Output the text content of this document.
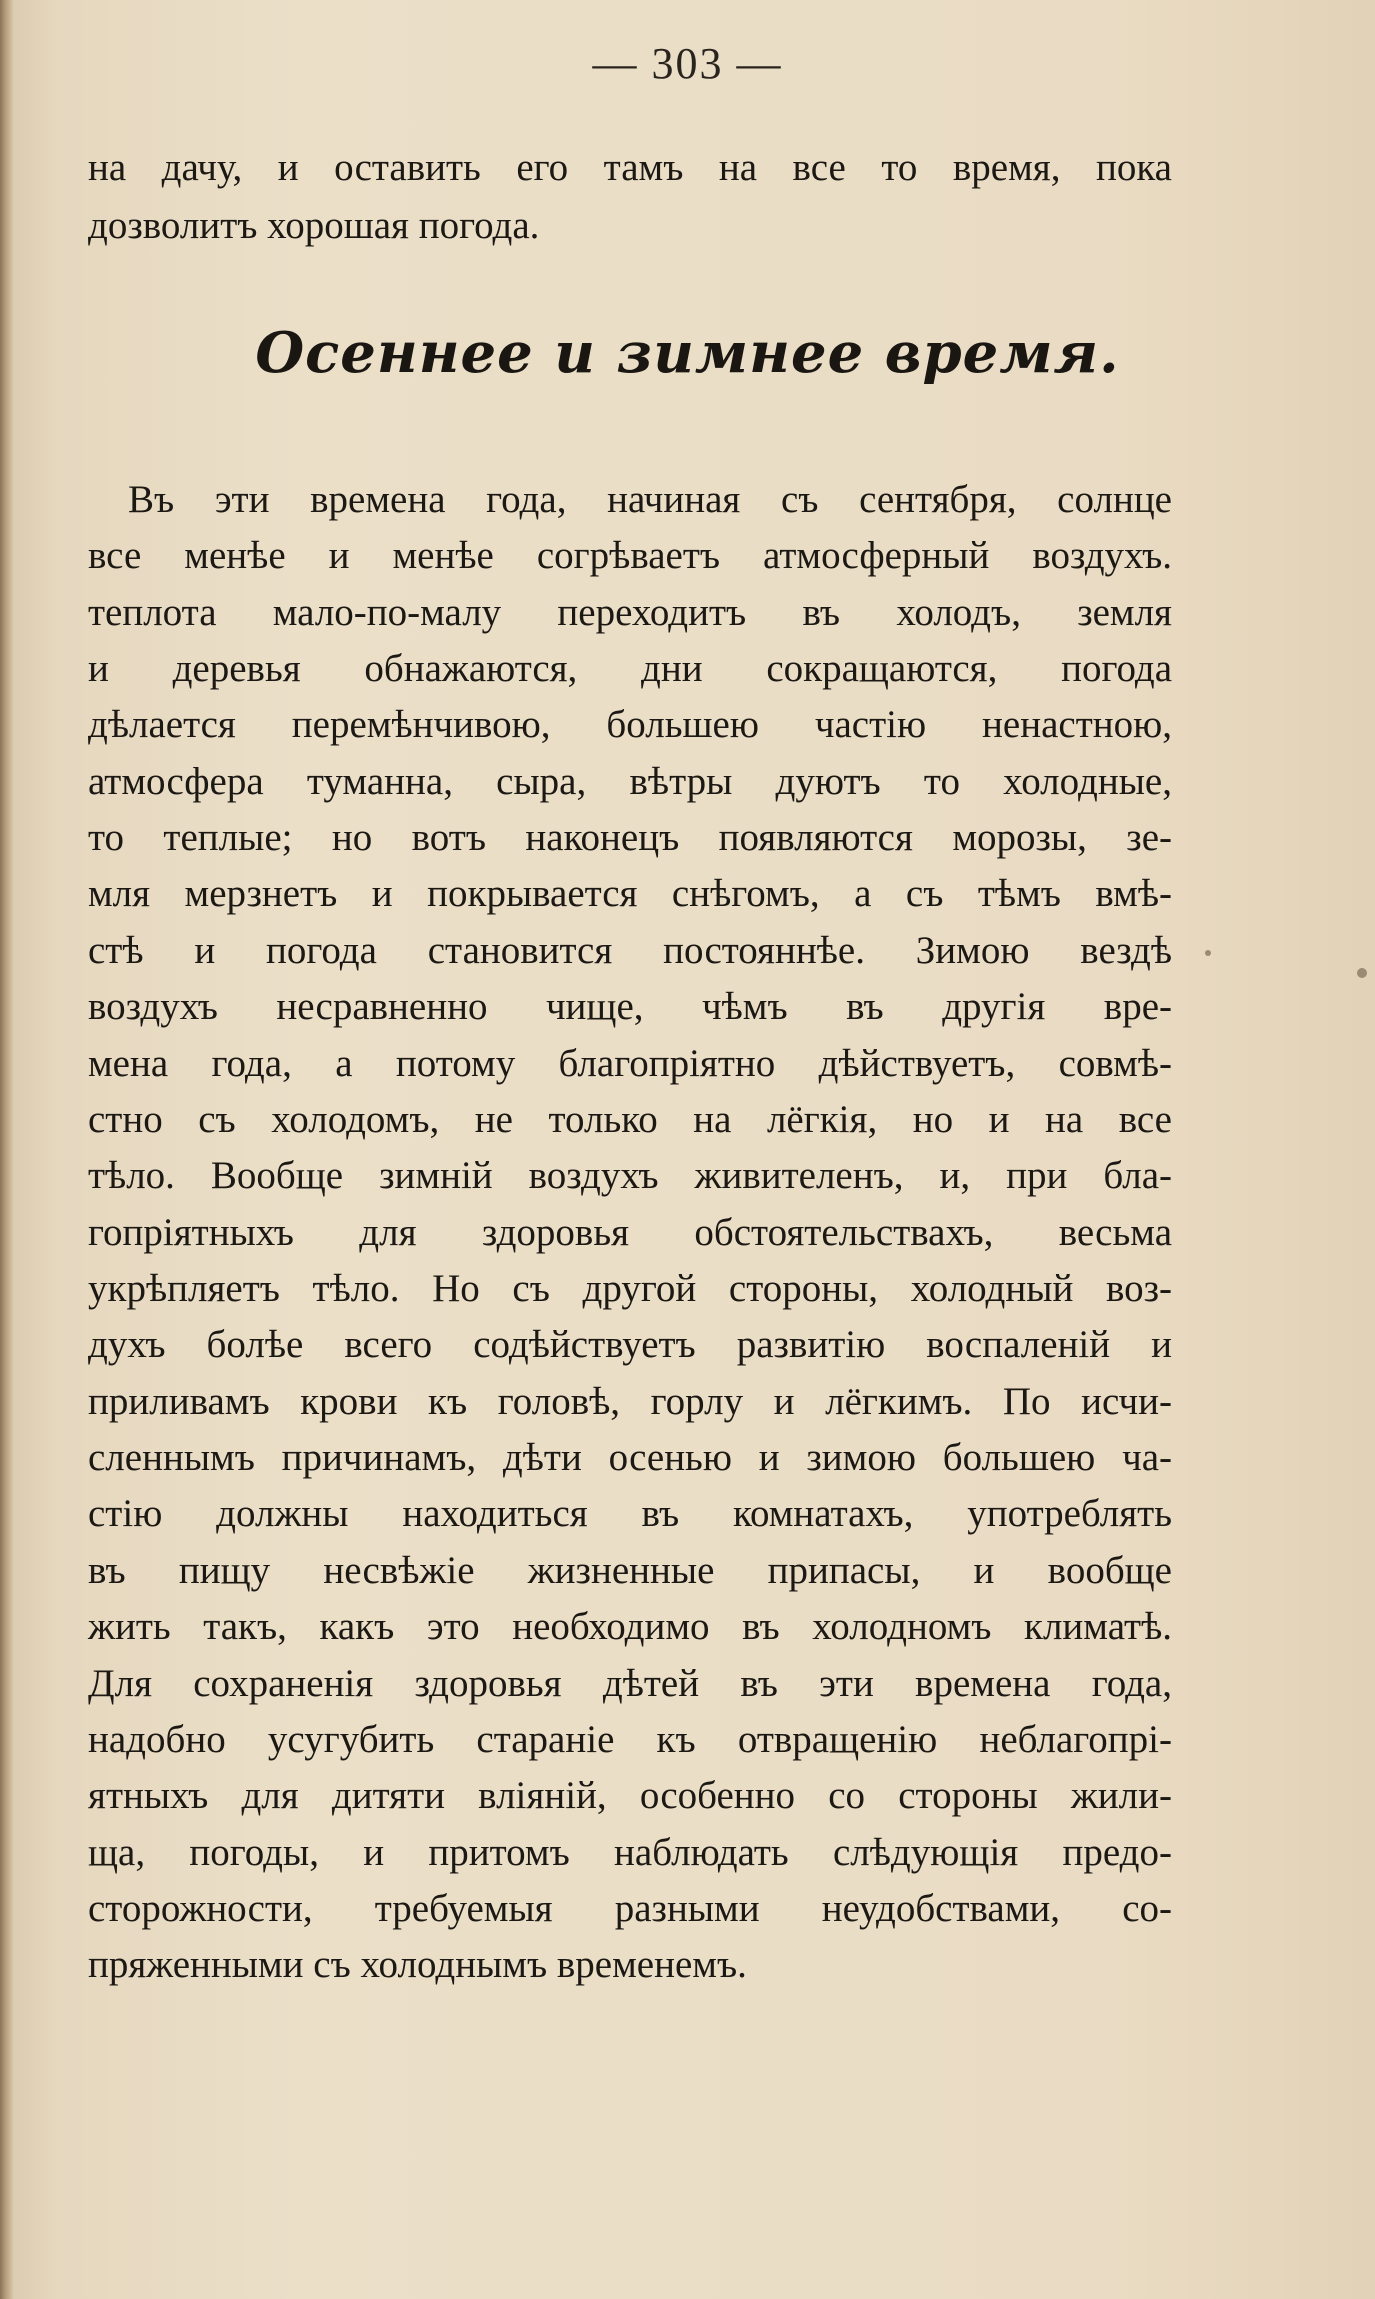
— 303 —
на дачу, и оставить его тамъ на все то время, пока
дозволитъ хорошая погода.
Осеннее и зимнее время.
Въ эти времена года, начиная съ сентября, солнце
все менѣе и менѣе согрѣваетъ атмосферный воздухъ.
теплота мало-по-малу переходитъ въ холодъ, земля
и деревья обнажаются, дни сокращаются, погода
дѣлается перемѣнчивою, большею частію ненастною,
атмосфера туманна, сыра, вѣтры дуютъ то холодные,
то теплые; но вотъ наконецъ появляются морозы, зе-
мля мерзнетъ и покрывается снѣгомъ, а съ тѣмъ вмѣ-
стѣ и погода становится постояннѣе. Зимою вездѣ
воздухъ несравненно чище, чѣмъ въ другія вре-
мена года, а потому благопріятно дѣйствуетъ, совмѣ-
стно съ холодомъ, не только на лёгкія, но и на все
тѣло. Вообще зимній воздухъ живителенъ, и, при бла-
гопріятныхъ для здоровья обстоятельствахъ, весьма
укрѣпляетъ тѣло. Но съ другой стороны, холодный воз-
духъ болѣе всего содѣйствуетъ развитію воспаленій и
приливамъ крови къ головѣ, горлу и лёгкимъ. По исчи-
сленнымъ причинамъ, дѣти осенью и зимою большею ча-
стію должны находиться въ комнатахъ, употреблять
въ пищу несвѣжіе жизненные припасы, и вообще
жить такъ, какъ это необходимо въ холодномъ климатѣ.
Для сохраненія здоровья дѣтей въ эти времена года,
надобно усугубить стараніе къ отвращенію неблагопрі-
ятныхъ для дитяти вліяній, особенно со стороны жили-
ща, погоды, и притомъ наблюдать слѣдующія предо-
сторожности, требуемыя разными неудобствами, со-
пряженными съ холоднымъ временемъ.
